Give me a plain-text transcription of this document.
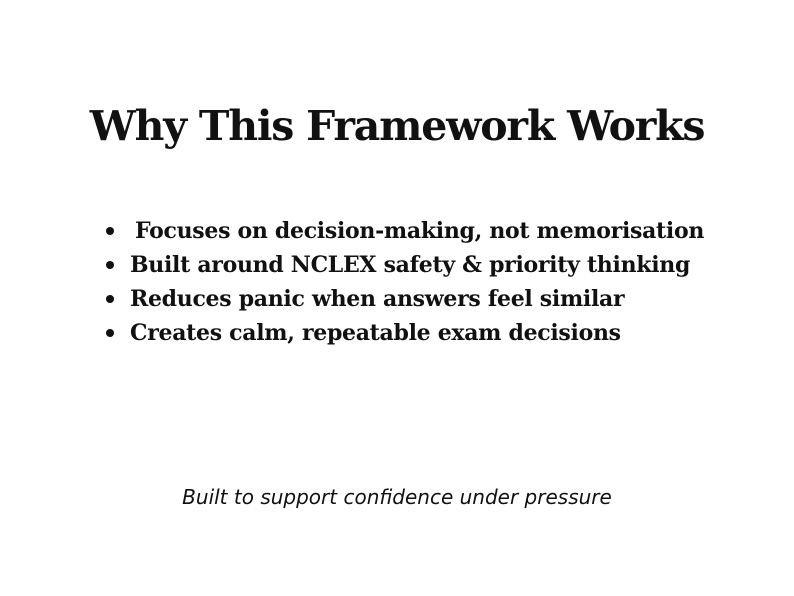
Why This Framework Works
Focuses on decision-making, not memorisation
Built around NCLEX safety & priority thinking
Reduces panic when answers feel similar
Creates calm, repeatable exam decisions

Built to support confidence under pressure
